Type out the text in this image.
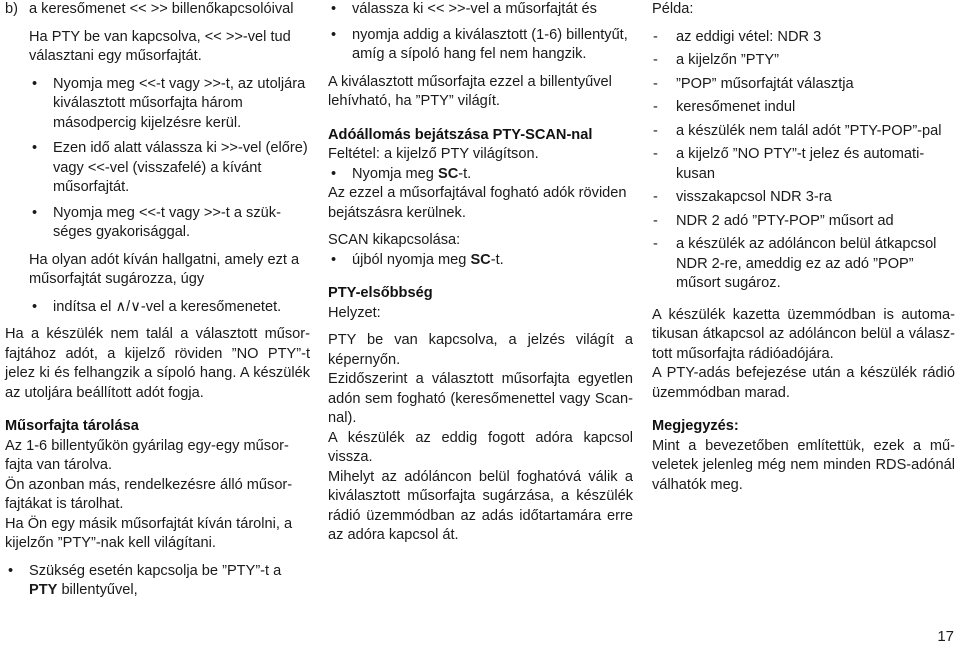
b) a keresőmenet << >> billenőkapcsolóival

Ha PTY be van kapcsolva, << >>-vel tud választani egy műsorfajtát.

• Nyomja meg <<-t vagy >>-t, az utoljára kiválasztott műsorfajta három másodpercig kijelzésre kerül.
• Ezen idő alatt válassza ki >>-vel (előre) vagy <<-vel (visszafelé) a kívánt műsorfajtát.
• Nyomja meg <<-t vagy >>-t a szükséges gyakorisággal.

Ha olyan adót kíván hallgatni, amely ezt a műsorfajtát sugározza, úgy

• indítsa el ∧/∨-vel a keresőmenetet.

Ha a készülék nem talál a választott műsorfajtához adót, a kijelző röviden ”NO PTY”-t jelez ki és felhangzik a sípoló hang. A készülék az utoljára beállított adót fogja.

Műsorfajta tárolása

Az 1-6 billentyűkön gyárilag egy-egy műsorfajta van tárolva.

Ön azonban más, rendelkezésre álló műsorfajtákat is tárolhat.

Ha Ön egy másik műsorfajtát kíván tárolni, a kijelzőn ”PTY”-nak kell világítani.

• Szükség esetén kapcsolja be ”PTY”-t a
PTY billentyűvel,
• válassza ki << >>-vel a műsorfajtát és
• nyomja addig a kiválasztott (1-6) billentyűt, amíg a sípoló hang fel nem hangzik.

A kiválasztott műsorfajta ezzel a billentyűvel lehívható, ha ”PTY” világít.

Adóállomás bejátszása PTY-SCAN-nal

Feltétel: a kijelző PTY világítson.

• Nyomja meg SC-t.

Az ezzel a műsorfajtával fogható adók röviden bejátszásra kerülnek.

SCAN kikapcsolása:

• újból nyomja meg SC-t.

PTY-elsőbbség

Helyzet:

PTY be van kapcsolva, a jelzés világít a képernyőn.

Ezidőszerint a választott műsorfajta egyetlen adón sem fogható (keresőmenettel vagy Scan-nal).

A készülék az eddig fogott adóra kapcsol vissza.

Mihelyt az adóláncon belül foghatóvá válik a kiválasztott műsorfajta sugárzása, a készülék rádió üzemmódban az adás időtartamára erre az adóra kapcsol át.

Példa:

- az eddigi vétel: NDR 3
- a kijelzőn ”PTY”
- ”POP” műsorfajtát választja
- keresőmenet indul
- a készülék nem talál adót ”PTY-POP”-pal
- a kijelző ”NO PTY”-t jelez és automatikusan
- visszakapcsol NDR 3-ra
- NDR 2 adó ”PTY-POP” műsort ad
- a készülék az adóláncon belül átkapcsol NDR 2-re, ameddig ez az adó ”POP” műsort sugároz.

A készülék kazetta üzemmódban is automatikusan átkapcsol az adóláncon belül a választott műsorfajta rádióadójára.

A PTY-adás befejezése után a készülék rádió üzemmódban marad.

Megjegyzés:

Mint a bevezetőben említettük, ezek a műveletek jelenleg még nem minden RDS-adónál válhatók meg.

17
